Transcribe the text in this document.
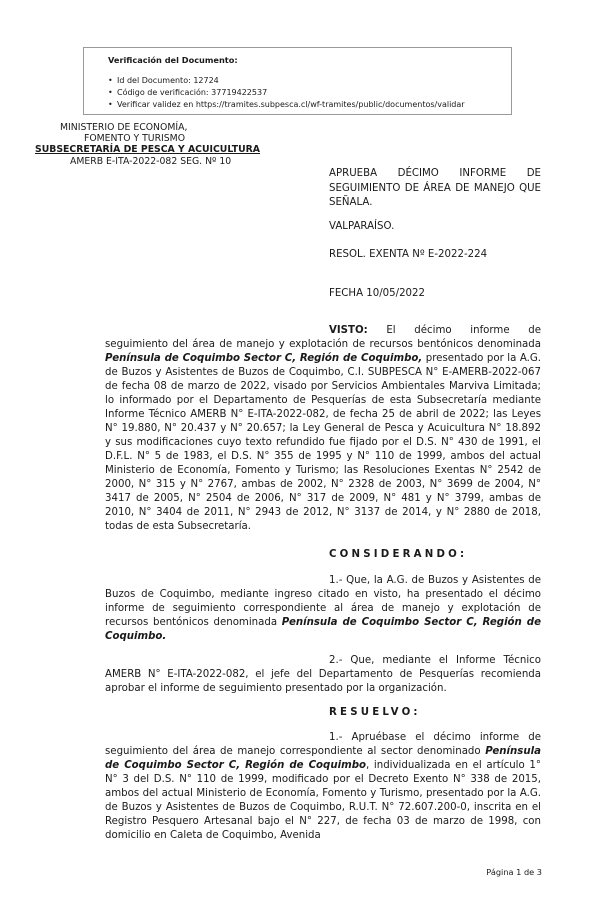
Verificación del Documento:
• Id del Documento: 12724
• Código de verificación: 37719422537
• Verificar validez en https://tramites.subpesca.cl/wf-tramites/public/documentos/validar
MINISTERIO DE ECONOMÍA,
FOMENTO Y TURISMO
SUBSECRETARÍA DE PESCA Y ACUICULTURA
AMERB E-ITA-2022-082 SEG. Nº 10
APRUEBA DÉCIMO INFORME DE SEGUIMIENTO DE ÁREA DE MANEJO QUE SEÑALA.
VALPARAÍSO.
RESOL. EXENTA Nº E-2022-224
FECHA 10/05/2022
VISTO: El décimo informe de seguimiento del área de manejo y explotación de recursos bentónicos denominada Península de Coquimbo Sector C, Región de Coquimbo, presentado por la A.G. de Buzos y Asistentes de Buzos de Coquimbo, C.I. SUBPESCA N° E-AMERB-2022-067 de fecha 08 de marzo de 2022, visado por Servicios Ambientales Marviva Limitada; lo informado por el Departamento de Pesquerías de esta Subsecretaría mediante Informe Técnico AMERB N° E-ITA-2022-082, de fecha 25 de abril de 2022; las Leyes N° 19.880, N° 20.437 y N° 20.657; la Ley General de Pesca y Acuicultura N° 18.892 y sus modificaciones cuyo texto refundido fue fijado por el D.S. N° 430 de 1991, el D.F.L. N° 5 de 1983, el D.S. N° 355 de 1995 y N° 110 de 1999, ambos del actual Ministerio de Economía, Fomento y Turismo; las Resoluciones Exentas N° 2542 de 2000, N° 315 y N° 2767, ambas de 2002, N° 2328 de 2003, N° 3699 de 2004, N° 3417 de 2005, N° 2504 de 2006, N° 317 de 2009, N° 481 y N° 3799, ambas de 2010, N° 3404 de 2011, N° 2943 de 2012, N° 3137 de 2014, y N° 2880 de 2018, todas de esta Subsecretaría.
CONSIDERANDO:
1.- Que, la A.G. de Buzos y Asistentes de Buzos de Coquimbo, mediante ingreso citado en visto, ha presentado el décimo informe de seguimiento correspondiente al área de manejo y explotación de recursos bentónicos denominada Península de Coquimbo Sector C, Región de Coquimbo.
2.- Que, mediante el Informe Técnico AMERB N° E-ITA-2022-082, el jefe del Departamento de Pesquerías recomienda aprobar el informe de seguimiento presentado por la organización.
RESUELVO:
1.- Apruébase el décimo informe de seguimiento del área de manejo correspondiente al sector denominado Península de Coquimbo Sector C, Región de Coquimbo, individualizada en el artículo 1° N° 3 del D.S. N° 110 de 1999, modificado por el Decreto Exento N° 338 de 2015, ambos del actual Ministerio de Economía, Fomento y Turismo, presentado por la A.G. de Buzos y Asistentes de Buzos de Coquimbo, R.U.T. N° 72.607.200-0, inscrita en el Registro Pesquero Artesanal bajo el N° 227, de fecha 03 de marzo de 1998, con domicilio en Caleta de Coquimbo, Avenida
Página 1 de 3
